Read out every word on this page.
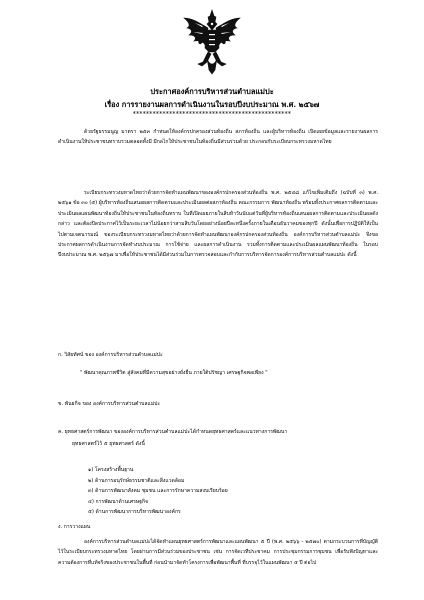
ประกาศองค์การบริหารส่วนตำบลแม่ปะ
เรื่อง การรายงานผลการดำเนินงานในรอบปีงบประมาณ พ.ศ. ๒๕๖๗
************************************************
ด้วยรัฐธรรมนูญ มาตรา ๒๕๓ กำหนดให้องค์กรปกครองส่วนท้องถิ่น สภาท้องถิ่น และผู้บริหารท้องถิ่น เปิดเผยข้อมูลและรายงานผลการดำเนินงานให้ประชาชนทราบรวมตลอดทั้งมี มีกลไกให้ประชาชนในท้องถิ่นมีส่วนร่วมด้วย ประกอบกับระเบียบกระทรวงมหาดไทย
ระเบียบกระทรวงมหาดไทยว่าด้วยการจัดทำแผนพัฒนาขององค์กรปกครองส่วนท้องถิ่น พ.ศ. ๒๕๔๘ แก้ไขเพิ่มเติมถึง (ฉบับที่ ๓) พ.ศ. ๒๕๖๑ ข้อ ๓๐ (๕) ผู้บริหารท้องถิ่นเสนอผลการติดตามและประเมินผลต่อสภาท้องถิ่น คณะกรรมการ พัฒนาท้องถิ่น พร้อมทั้งประกาศผลการติดตามและประเมินผลแผนพัฒนาท้องถิ่นให้ประชาชนในท้องถิ่นทราบ ในที่เปิดเผยภายในสิบห้าวันนับแต่วันที่ผู้บริหารท้องถิ่นเสนอผลการติดตามและประเมินผลดังกล่าว และต้องปิดประกาศไว้เป็นระยะเวลาไม่น้อยกว่าสามสิบวันโดยอย่างน้อยปีละหนึ่งครั้งภายในเดือนธันวาคมของทุกปี ดังนั้นเพื่อการปฏิบัติให้เป็นไปตามเจตนารมณ์ ของระเบียบกระทรวงมหาดไทยว่าด้วยการจัดทำแผนพัฒนาองค์กรปกครองส่วนท้องถิ่น องค์การบริหารส่วนตำบลแม่ปะ จึงขอประกาศผลการดำเนินงานการจัดทำงบประมาณ การใช้จ่าย และผลการดำเนินงาน รวมทั้งการติดตามและประเมินผลแผนพัฒนาท้องถิ่น ในรอบปีงบประมาณ พ.ศ. ๒๕๖๗ มาเพื่อให้ประชาชนได้มีส่วนร่วมในการตรวจสอบและกำกับการบริหารจัดการองค์การบริหารส่วนตำบลแม่ปะ ดังนี้
ก. วิสัยทัศน์ ของ องค์การบริหารส่วนตำบลแม่ปะ
" พัฒนาคุณภาพชีวิต สู่สังคมที่มีความสุขอย่างยั่งยืน ภายใต้ปรัชญา เศรษฐกิจพอเพียง "
ข. พันธกิจ ของ องค์การบริหารส่วนตำบลแม่ปะ
ค. ยุทธศาสตร์การพัฒนา ขององค์การบริหารส่วนตำบลแม่ปะได้กำหนดยุทธศาสตร์และแนวทางการพัฒนา
ยุทธศาสตร์ไว้ ๕ ยุทธศาสตร์ ดังนี้
๑) โครงสร้างพื้นฐาน
๒) ด้านการอนุรักษ์ธรรมชาติและสิ่งแวดล้อม
๓) ด้านการพัฒนาสังคม ชุมชน และการรักษาความสงบเรียบร้อย
๔) การพัฒนาด้านเศรษฐกิจ
๕) ด้านการพัฒนาการบริหารพัฒนาองค์กร
ง. การวางแผน
องค์การบริหารส่วนตำบลแม่ปะได้จัดทำแผนยุทธศาสตร์การพัฒนาและแผนพัฒนา ๕ ปี (พ.ศ. ๒๕๖๖ - ๒๕๗๐) ตามกระบวนการที่บัญญัติไว้ในระเบียบกระทรวงมหาดไทย โดยผ่านการมีส่วนร่วมของประชาชน เช่น การจัดเวทีประชาคม การประชุมกรรมการชุมชน เพื่อรับฟังปัญหาและความต้องการที่แท้จริงของประชาชนในพื้นที่ ก่อนนำมาจัดทำโครงการเพื่อพัฒนาพื้นที่ ที่บรรจุไว้ในแผนพัฒนา ๕ ปี ต่อไป
